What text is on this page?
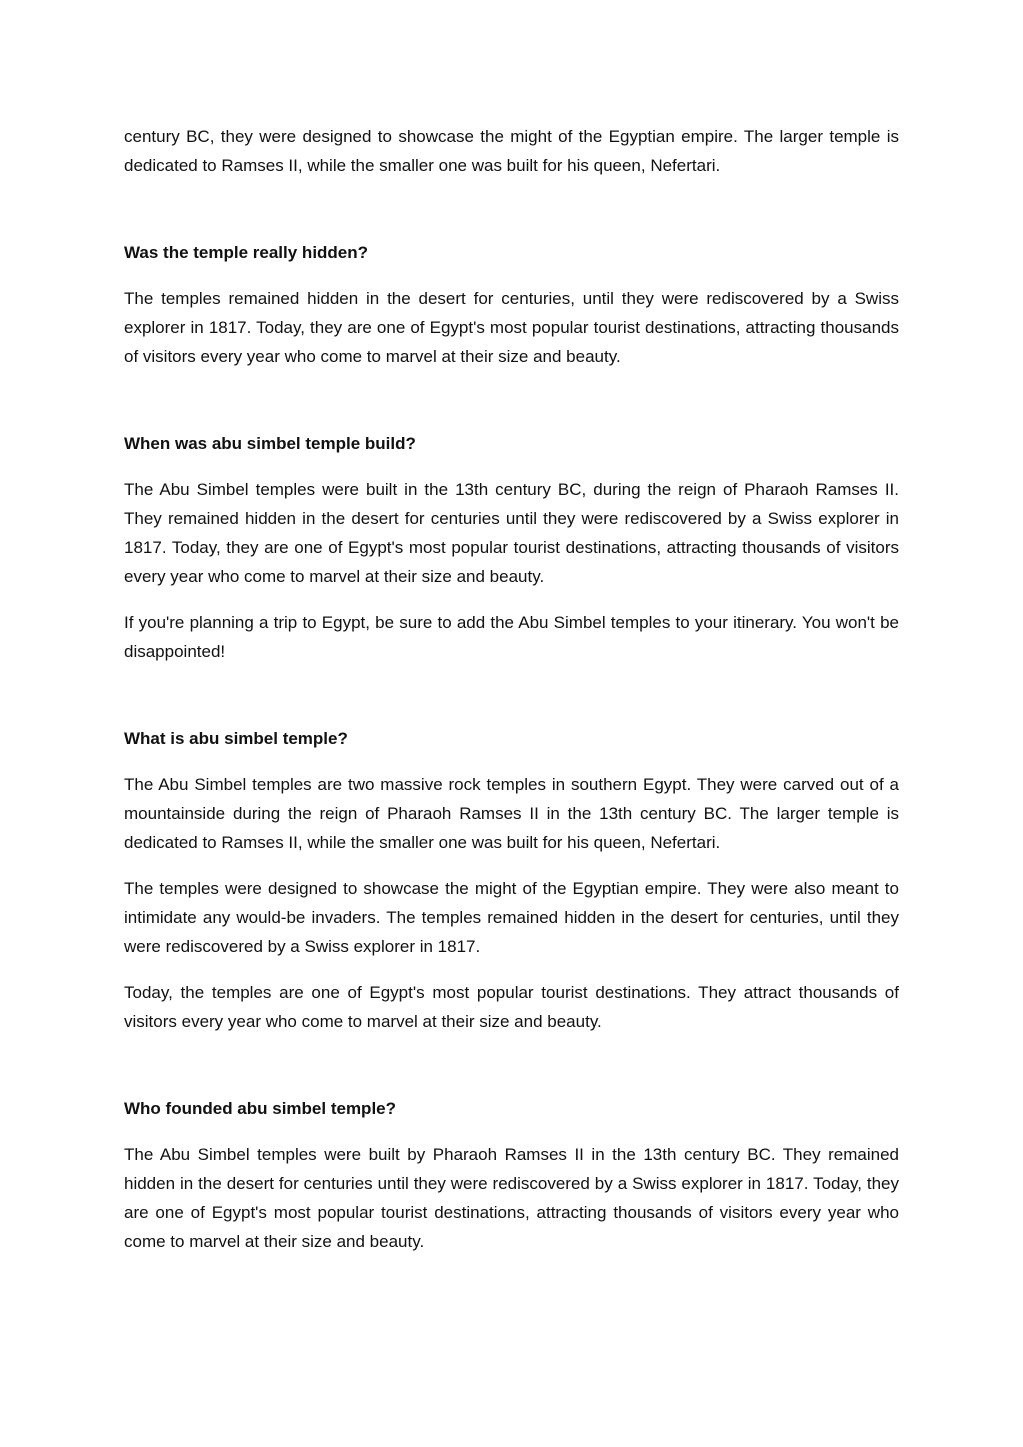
century BC, they were designed to showcase the might of the Egyptian empire. The larger temple is dedicated to Ramses II, while the smaller one was built for his queen, Nefertari.

Was the temple really hidden?

The temples remained hidden in the desert for centuries, until they were rediscovered by a Swiss explorer in 1817. Today, they are one of Egypt's most popular tourist destinations, attracting thousands of visitors every year who come to marvel at their size and beauty.

When was abu simbel temple build?

The Abu Simbel temples were built in the 13th century BC, during the reign of Pharaoh Ramses II. They remained hidden in the desert for centuries until they were rediscovered by a Swiss explorer in 1817. Today, they are one of Egypt's most popular tourist destinations, attracting thousands of visitors every year who come to marvel at their size and beauty.

If you're planning a trip to Egypt, be sure to add the Abu Simbel temples to your itinerary. You won't be disappointed!

What is abu simbel temple?

The Abu Simbel temples are two massive rock temples in southern Egypt. They were carved out of a mountainside during the reign of Pharaoh Ramses II in the 13th century BC. The larger temple is dedicated to Ramses II, while the smaller one was built for his queen, Nefertari.

The temples were designed to showcase the might of the Egyptian empire. They were also meant to intimidate any would-be invaders. The temples remained hidden in the desert for centuries, until they were rediscovered by a Swiss explorer in 1817.

Today, the temples are one of Egypt's most popular tourist destinations. They attract thousands of visitors every year who come to marvel at their size and beauty.

Who founded abu simbel temple?

The Abu Simbel temples were built by Pharaoh Ramses II in the 13th century BC. They remained hidden in the desert for centuries until they were rediscovered by a Swiss explorer in 1817. Today, they are one of Egypt's most popular tourist destinations, attracting thousands of visitors every year who come to marvel at their size and beauty.
